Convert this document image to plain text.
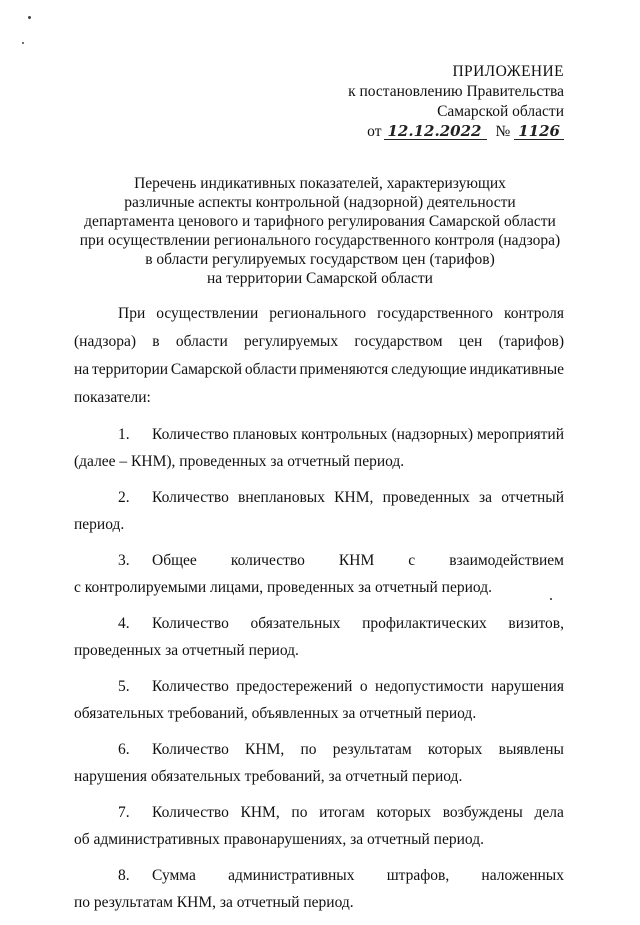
ПРИЛОЖЕНИЕ
к постановлению Правительства
Самарской области
от 12.12.2022 № 1126
Перечень индикативных показателей, характеризующих
различные аспекты контрольной (надзорной) деятельности
департамента ценового и тарифного регулирования Самарской области
при осуществлении регионального государственного контроля (надзора)
в области регулируемых государством цен (тарифов)
на территории Самарской области
При осуществлении регионального государственного контроля
(надзора) в области регулируемых государством цен (тарифов)
на территории Самарской области применяются следующие индикативные
показатели:
1.	Количество плановых контрольных (надзорных) мероприятий
(далее – КНМ), проведенных за отчетный период.
2.	Количество внеплановых КНМ, проведенных за отчетный
период.
3.	Общее количество КНМ с взаимодействием
с контролируемыми лицами, проведенных за отчетный период.
4.	Количество обязательных профилактических визитов,
проведенных за отчетный период.
5.	Количество предостережений о недопустимости нарушения
обязательных требований, объявленных за отчетный период.
6.	Количество КНМ, по результатам которых выявлены
нарушения обязательных требований, за отчетный период.
7.	Количество КНМ, по итогам которых возбуждены дела
об административных правонарушениях, за отчетный период.
8.	Сумма административных штрафов, наложенных
по результатам КНМ, за отчетный период.
